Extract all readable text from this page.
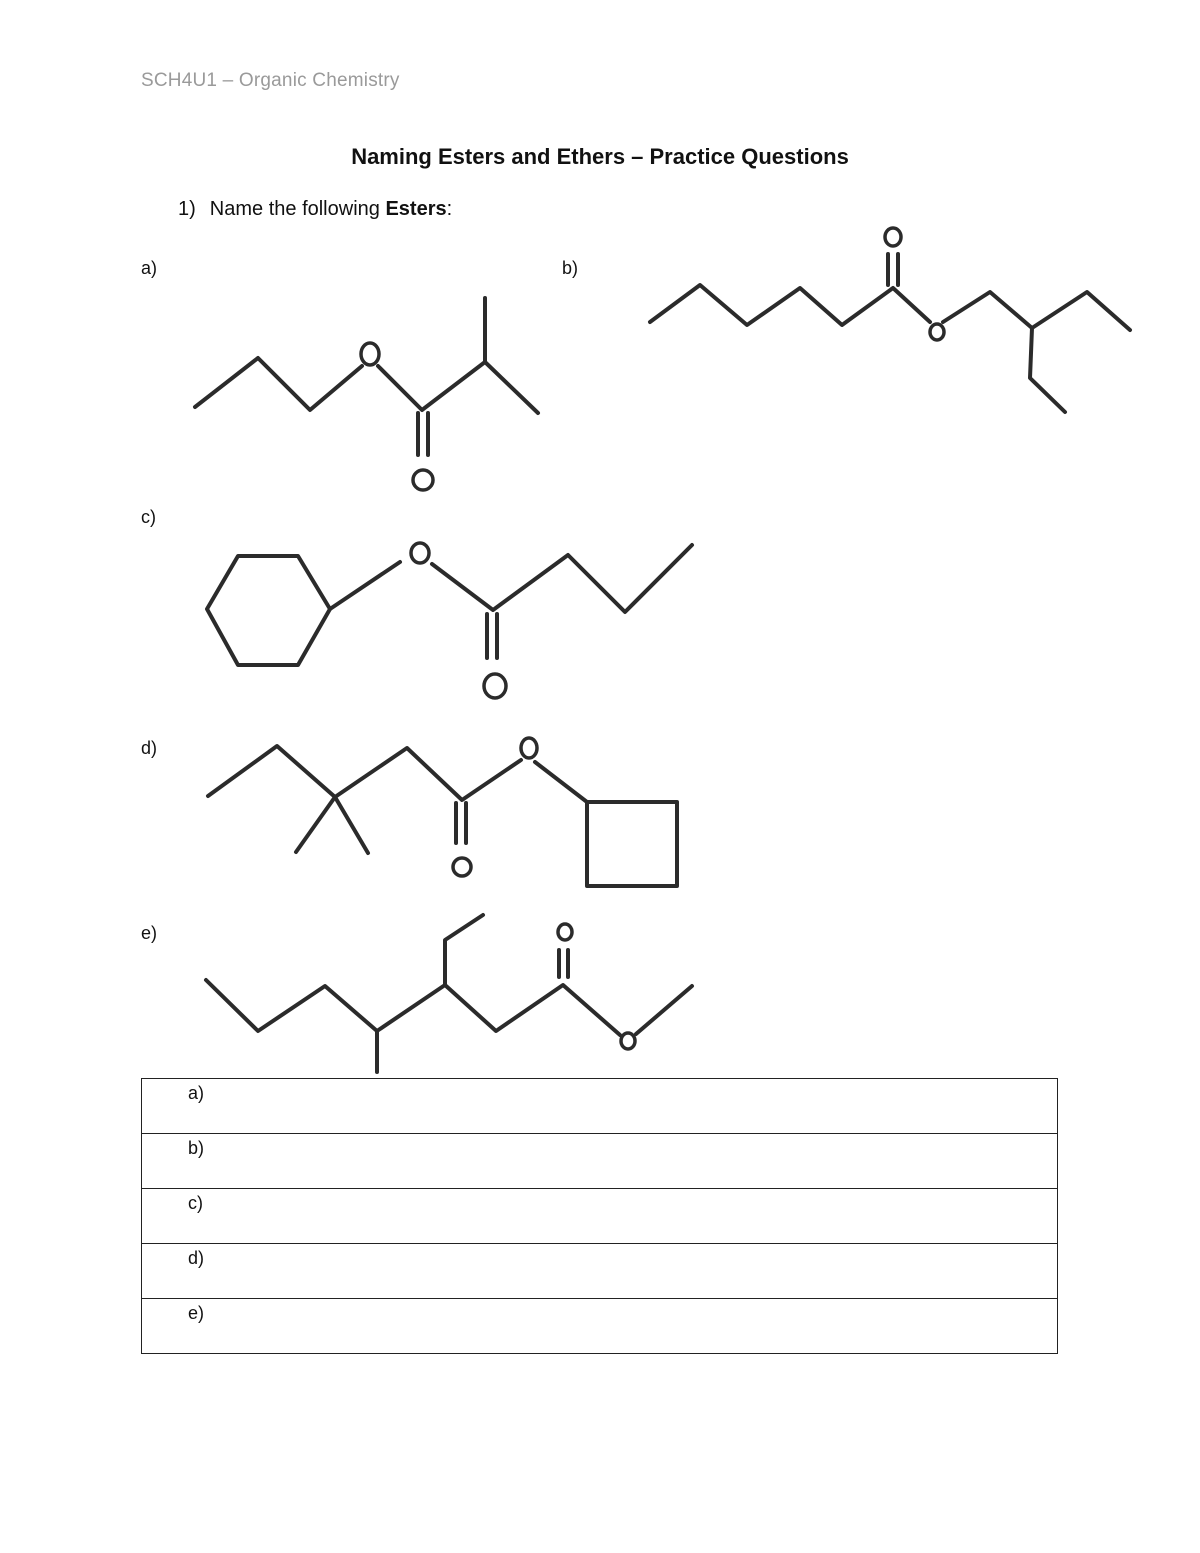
SCH4U1 – Organic Chemistry
Naming Esters and Ethers – Practice Questions
1) Name the following Esters:
a)	b)
c)
d)
e)
a)
b)
c)
d)
e)
